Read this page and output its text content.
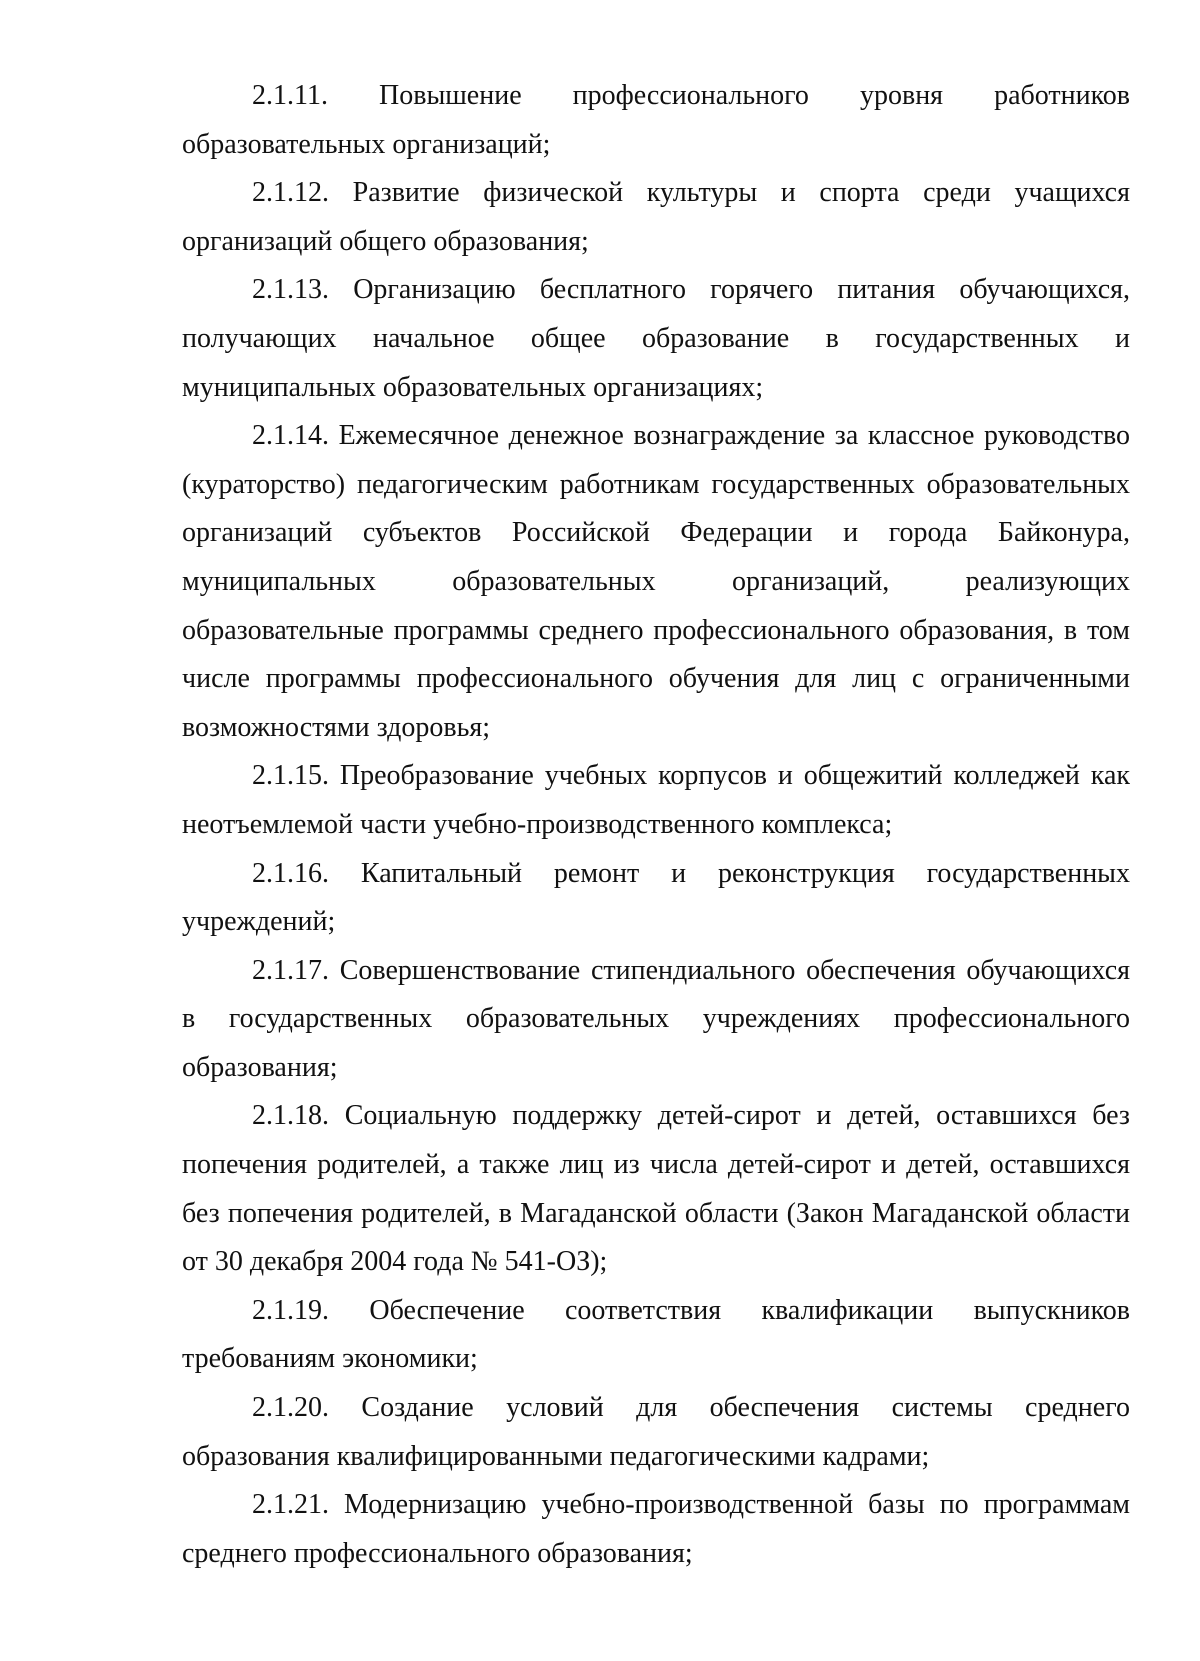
2.1.11. Повышение профессионального уровня работников образовательных организаций;

2.1.12. Развитие физической культуры и спорта среди учащихся организаций общего образования;

2.1.13. Организацию бесплатного горячего питания обучающихся, получающих начальное общее образование в государственных и муниципальных образовательных организациях;

2.1.14. Ежемесячное денежное вознаграждение за классное руководство (кураторство) педагогическим работникам государственных образовательных организаций субъектов Российской Федерации и города Байконура, муниципальных образовательных организаций, реализующих образовательные программы среднего профессионального образования, в том числе программы профессионального обучения для лиц с ограниченными возможностями здоровья;

2.1.15. Преобразование учебных корпусов и общежитий колледжей как неотъемлемой части учебно-производственного комплекса;

2.1.16. Капитальный ремонт и реконструкция государственных учреждений;

2.1.17. Совершенствование стипендиального обеспечения обучающихся в государственных образовательных учреждениях профессионального образования;

2.1.18. Социальную поддержку детей-сирот и детей, оставшихся без попечения родителей, а также лиц из числа детей-сирот и детей, оставшихся без попечения родителей, в Магаданской области (Закон Магаданской области от 30 декабря 2004 года № 541-ОЗ);

2.1.19. Обеспечение соответствия квалификации выпускников требованиям экономики;

2.1.20. Создание условий для обеспечения системы среднего образования квалифицированными педагогическими кадрами;

2.1.21. Модернизацию учебно-производственной базы по программам среднего профессионального образования;
